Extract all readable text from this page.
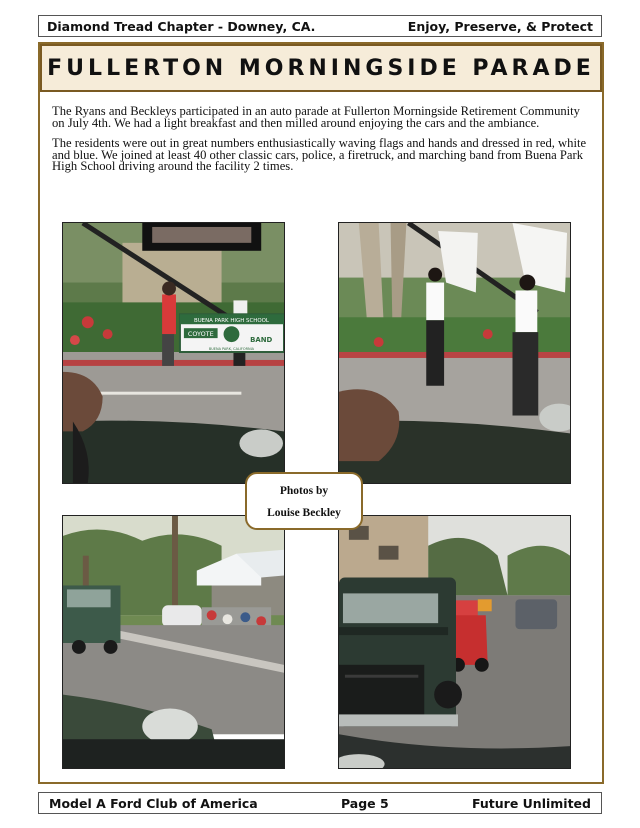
Diamond Tread Chapter - Downey, CA.	Enjoy, Preserve, & Protect
FULLERTON MORNINGSIDE PARADE

The Ryans and Beckleys participated in an auto parade at Fullerton Morningside Retirement Community on July 4th. We had a light breakfast and then milled around enjoying the cars and the ambiance.

The residents were out in great numbers enthusiastically waving flags and hands and dressed in red, white and blue. We joined at least 40 other classic cars, police, a firetruck, and marching band from Buena Park High School driving around the facility 2 times.

BUENA PARK HIGH SCHOOL
COYOTE
BAND
BUENA PARK, CALIFORNIA
Photos by
Louise Beckley
Model A Ford Club of America	Page 5	Future Unlimited
